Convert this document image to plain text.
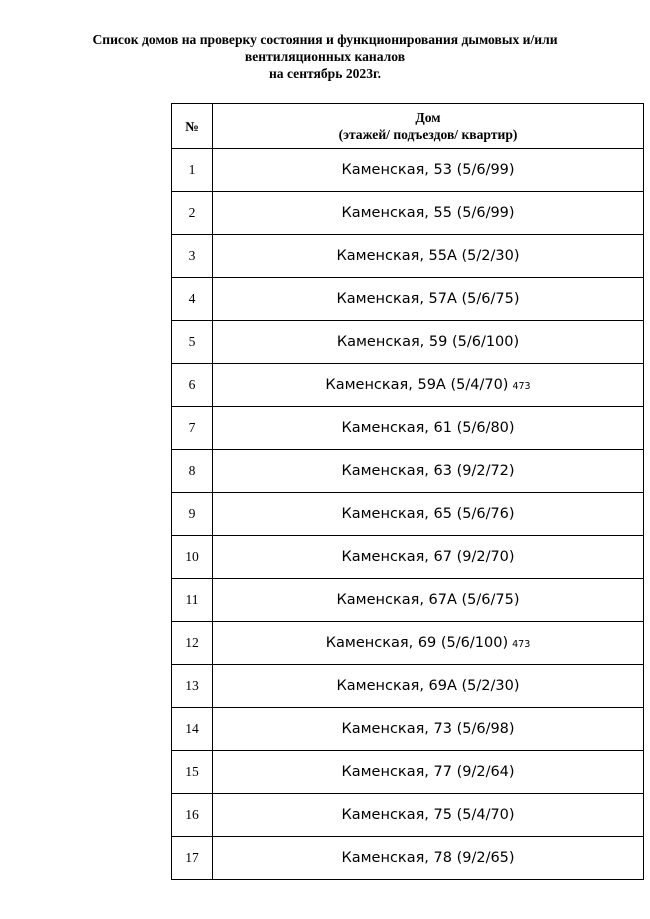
Список домов на проверку состояния и функционирования дымовых и/или
вентиляционных каналов
на сентябрь 2023г.
№	Дом
(этажей/ подъездов/ квартир)

1	Каменская, 53 (5/6/99)
2	Каменская, 55 (5/6/99)
3	Каменская, 55А (5/2/30)
4	Каменская, 57А (5/6/75)
5	Каменская, 59 (5/6/100)
6	Каменская, 59А (5/4/70) 473
7	Каменская, 61 (5/6/80)
8	Каменская, 63 (9/2/72)
9	Каменская, 65 (5/6/76)
10	Каменская, 67 (9/2/70)
11	Каменская, 67А (5/6/75)
12	Каменская, 69 (5/6/100) 473
13	Каменская, 69А (5/2/30)
14	Каменская, 73 (5/6/98)
15	Каменская, 77 (9/2/64)
16	Каменская, 75 (5/4/70)
17	Каменская, 78 (9/2/65)
